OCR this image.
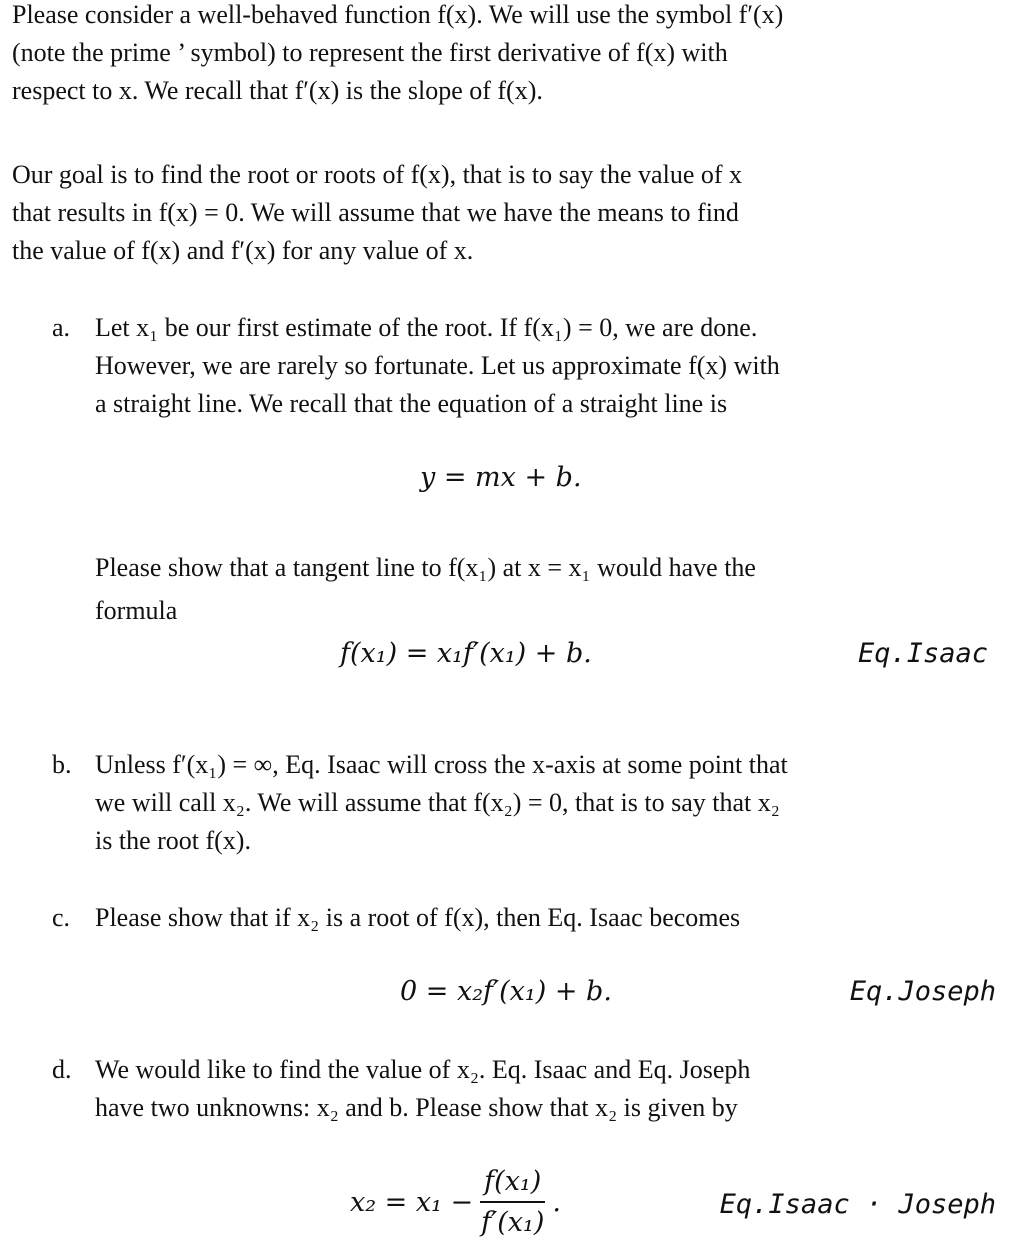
Please consider a well-behaved function f(x). We will use the symbol f′(x)
(note the prime ’ symbol) to represent the first derivative of f(x) with
respect to x. We recall that f′(x) is the slope of f(x).
Our goal is to find the root or roots of f(x), that is to say the value of x
that results in f(x) = 0. We will assume that we have the means to find
the value of f(x) and f′(x) for any value of x.
a. Let x₁ be our first estimate of the root. If f(x₁) = 0, we are done.
However, we are rarely so fortunate. Let us approximate f(x) with
a straight line. We recall that the equation of a straight line is
y = mx + b.
Please show that a tangent line to f(x₁) at x = x₁ would have the
formula
f(x₁) = x₁f′(x₁) + b.	Eq.Isaac
b. Unless f′(x₁) = ∞, Eq. Isaac will cross the x-axis at some point that
we will call x₂. We will assume that f(x₂) = 0, that is to say that x₂
is the root f(x).
c. Please show that if x₂ is a root of f(x), then Eq. Isaac becomes
0 = x₂f′(x₁) + b.	Eq.Joseph
d. We would like to find the value of x₂. Eq. Isaac and Eq. Joseph
have two unknowns: x₂ and b. Please show that x₂ is given by
$x_2 = x_1 - \frac{\text{f(x₁)}}{\text{f′(x₁)}}$ .	Eq.Isaac · Joseph
